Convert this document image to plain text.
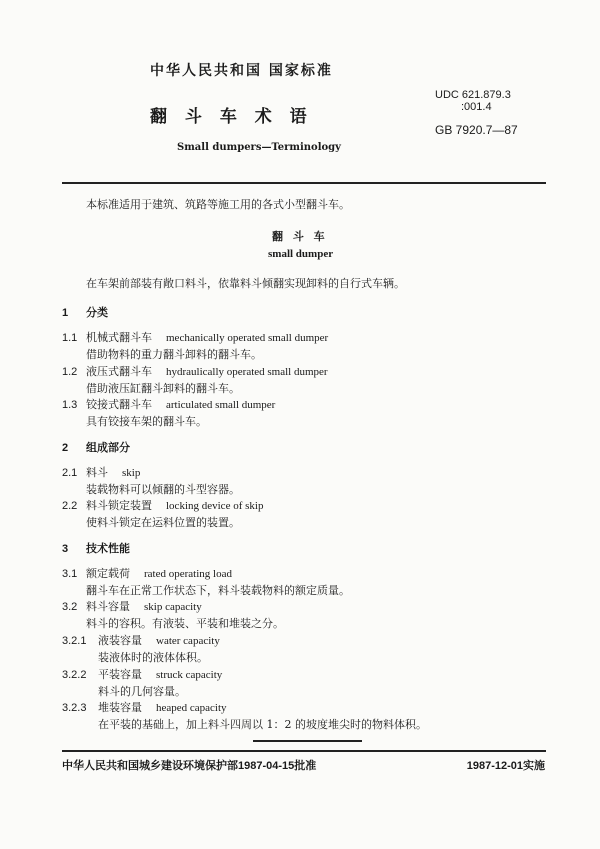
中华人民共和国 国家标准
翻 斗 车 术 语
Small dumpers—Terminology
UDC 621.879.3
:001.4
GB 7920.7—87
本标准适用于建筑、筑路等施工用的各式小型翻斗车。
翻 斗 车
small dumper
在车架前部装有敞口料斗，依靠料斗倾翻实现卸料的自行式车辆。
1 分类
1.1 机械式翻斗车 mechanically operated small dumper
借助物料的重力翻斗卸料的翻斗车。
1.2 液压式翻斗车 hydraulically operated small dumper
借助液压缸翻斗卸料的翻斗车。
1.3 铰接式翻斗车 articulated small dumper
具有铰接车架的翻斗车。
2 组成部分
2.1 料斗 skip
装载物料可以倾翻的斗型容器。
2.2 料斗锁定装置 locking device of skip
使料斗锁定在运料位置的装置。
3 技术性能
3.1 额定载荷 rated operating load
翻斗车在正常工作状态下，料斗装载物料的额定质量。
3.2 料斗容量 skip capacity
料斗的容积。有液装、平装和堆装之分。
3.2.1 液装容量 water capacity
装液体时的液体体积。
3.2.2 平装容量 struck capacity
料斗的几何容量。
3.2.3 堆装容量 heaped capacity
在平装的基础上，加上料斗四周以 1：2 的坡度堆尖时的物料体积。
中华人民共和国城乡建设环境保护部1987-04-15批准	1987-12-01实施
